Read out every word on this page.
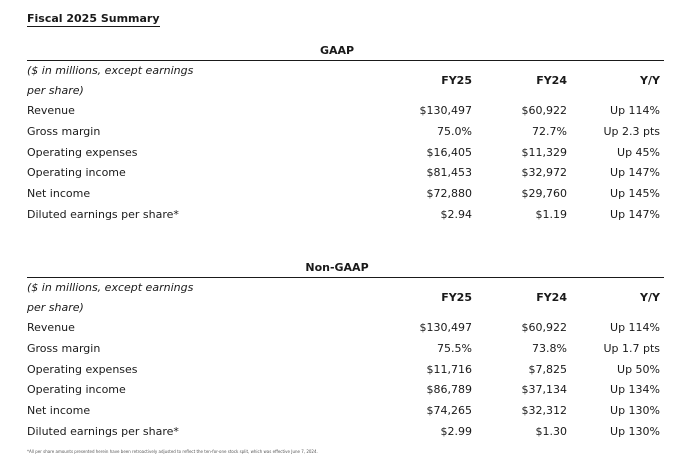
Fiscal 2025 Summary
GAAP
($ in millions, except earnings per share)
FY25	FY24	Y/Y
Revenue	$130,497	$60,922	Up 114%
Gross margin	75.0%	72.7%	Up 2.3 pts
Operating expenses	$16,405	$11,329	Up 45%
Operating income	$81,453	$32,972	Up 147%
Net income	$72,880	$29,760	Up 145%
Diluted earnings per share*	$2.94	$1.19	Up 147%
Non-GAAP
($ in millions, except earnings per share)
FY25	FY24	Y/Y
Revenue	$130,497	$60,922	Up 114%
Gross margin	75.5%	73.8%	Up 1.7 pts
Operating expenses	$11,716	$7,825	Up 50%
Operating income	$86,789	$37,134	Up 134%
Net income	$74,265	$32,312	Up 130%
Diluted earnings per share*	$2.99	$1.30	Up 130%
*All per share amounts presented herein have been retroactively adjusted to reflect the ten-for-one stock split, which was effective June 7, 2024.
